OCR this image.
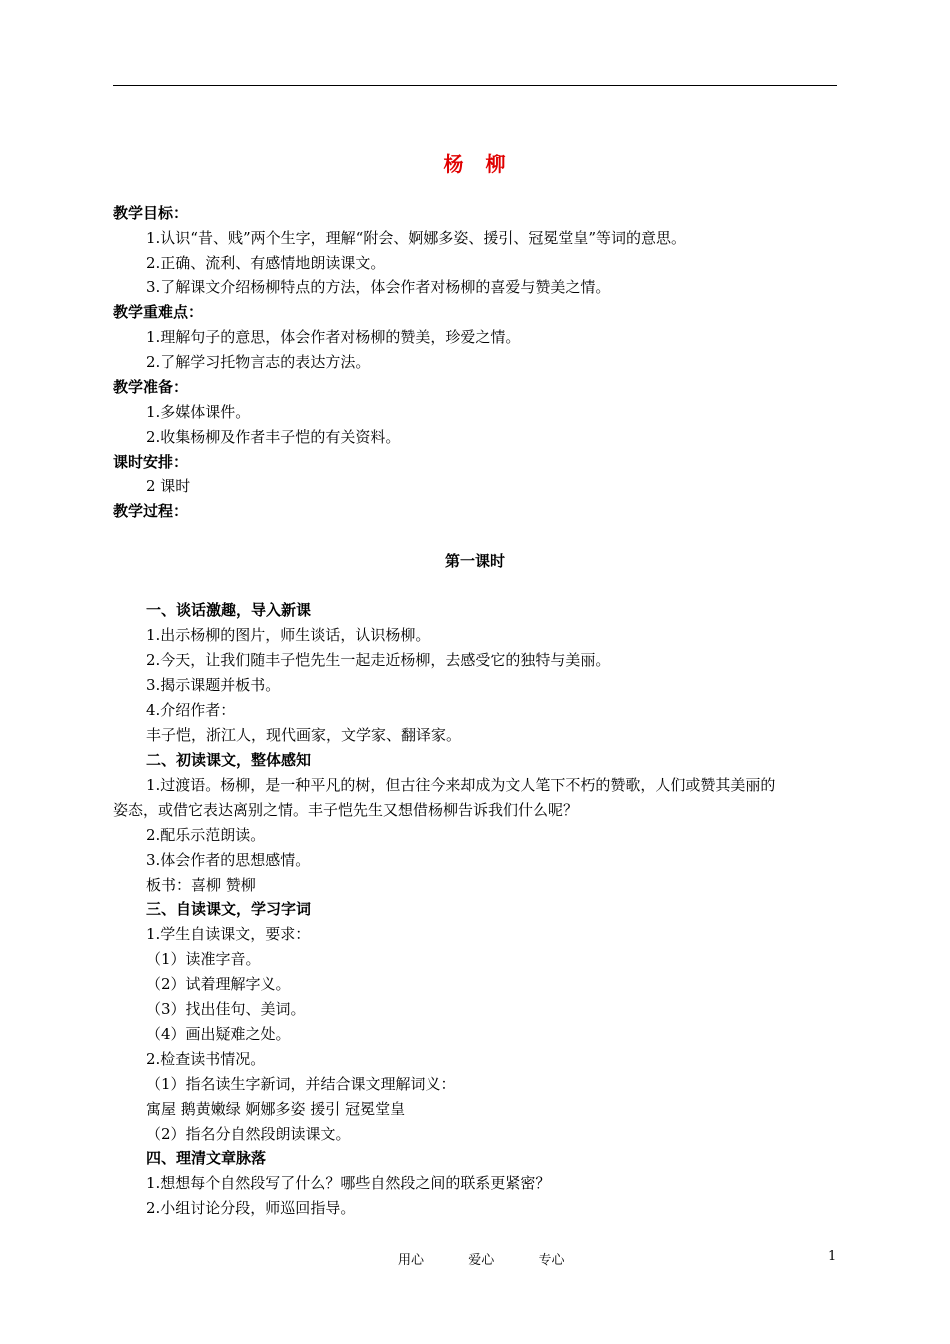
杨　柳
教学目标：
1.认识“昔、贱”两个生字，理解“附会、婀娜多姿、援引、冠冕堂皇”等词的意思。
2.正确、流利、有感情地朗读课文。
3.了解课文介绍杨柳特点的方法，体会作者对杨柳的喜爱与赞美之情。
教学重难点：
1.理解句子的意思，体会作者对杨柳的赞美，珍爱之情。
2.了解学习托物言志的表达方法。
教学准备：
1.多媒体课件。
2.收集杨柳及作者丰子恺的有关资料。
课时安排：
2 课时
教学过程：
第一课时
一、谈话激趣，导入新课
1.出示杨柳的图片，师生谈话，认识杨柳。
2.今天，让我们随丰子恺先生一起走近杨柳，去感受它的独特与美丽。
3.揭示课题并板书。
4.介绍作者：
丰子恺，浙江人，现代画家，文学家、翻译家。
二、初读课文，整体感知
1.过渡语。杨柳，是一种平凡的树，但古往今来却成为文人笔下不朽的赞歌，人们或赞其美丽的
姿态，或借它表达离别之情。丰子恺先生又想借杨柳告诉我们什么呢？
2.配乐示范朗读。
3.体会作者的思想感情。
板书：喜柳 赞柳
三、自读课文，学习字词
1.学生自读课文，要求：
（1）读准字音。
（2）试着理解字义。
（3）找出佳句、美词。
（4）画出疑难之处。
2.检查读书情况。
（1）指名读生字新词，并结合课文理解词义：
寓屋 鹅黄嫩绿 婀娜多姿 援引 冠冕堂皇
（2）指名分自然段朗读课文。
四、理清文章脉落
1.想想每个自然段写了什么？哪些自然段之间的联系更紧密？
2.小组讨论分段，师巡回指导。
用心  爱心  专心	1
